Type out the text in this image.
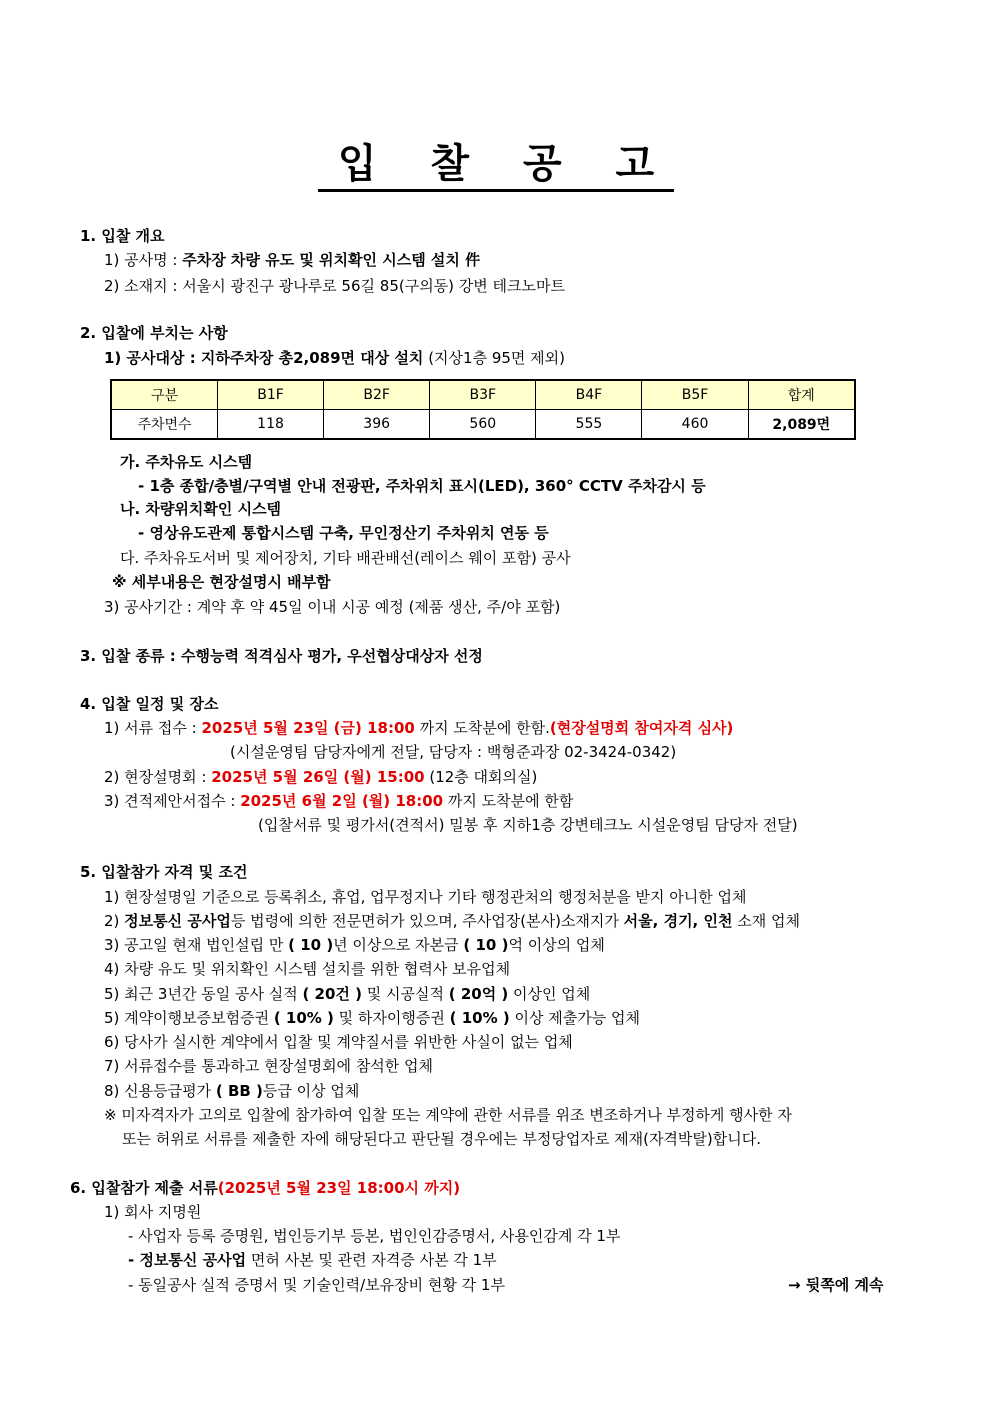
입 찰 공 고
1. 입찰 개요
1) 공사명 : 주차장 차량 유도 및 위치확인 시스템 설치 件
2) 소재지 : 서울시 광진구 광나루로 56길 85(구의동) 강변 테크노마트
2. 입찰에 부치는 사항
1) 공사대상 : 지하주차장 총2,089면 대상 설치 (지상1층 95면 제외)
구분	B1F	B2F	B3F	B4F	B5F	합계
주차면수	118	396	560	555	460	2,089면
가. 주차유도 시스템
- 1층 종합/층별/구역별 안내 전광판, 주차위치 표시(LED), 360° CCTV 주차감시 등
나. 차량위치확인 시스템
- 영상유도관제 통합시스템 구축, 무인정산기 주차위치 연동 등
다. 주차유도서버 및 제어장치, 기타 배관배선(레이스 웨이 포함) 공사
※ 세부내용은 현장설명시 배부함
3) 공사기간 : 계약 후 약 45일 이내 시공 예정 (제품 생산, 주/야 포함)
3. 입찰 종류 : 수행능력 적격심사 평가, 우선협상대상자 선정
4. 입찰 일정 및 장소
1) 서류 접수 : 2025년 5월 23일 (금) 18:00 까지 도착분에 한함.(현장설명회 참여자격 심사)
(시설운영팀 담당자에게 전달, 담당자 : 백형준과장 02-3424-0342)
2) 현장설명회 : 2025년 5월 26일 (월) 15:00 (12층 대회의실)
3) 견적제안서접수 : 2025년 6월 2일 (월) 18:00 까지 도착분에 한함
(입찰서류 및 평가서(견적서) 밀봉 후 지하1층 강변테크노 시설운영팀 담당자 전달)
5. 입찰참가 자격 및 조건
1) 현장설명일 기준으로 등록취소, 휴업, 업무정지나 기타 행정관처의 행정처분을 받지 아니한 업체
2) 정보통신 공사업등 법령에 의한 전문면허가 있으며, 주사업장(본사)소재지가 서울, 경기, 인천 소재 업체
3) 공고일 현재 법인설립 만 ( 10 )년 이상으로 자본금 ( 10 )억 이상의 업체
4) 차량 유도 및 위치확인 시스템 설치를 위한 협력사 보유업체
5) 최근 3년간 동일 공사 실적 ( 20건 ) 및 시공실적 ( 20억 ) 이상인 업체
5) 계약이행보증보험증권 ( 10% ) 및 하자이행증권 ( 10% ) 이상 제출가능 업체
6) 당사가 실시한 계약에서 입찰 및 계약질서를 위반한 사실이 없는 업체
7) 서류접수를 통과하고 현장설명회에 참석한 업체
8) 신용등급평가 ( BB )등급 이상 업체
※ 미자격자가 고의로 입찰에 참가하여 입찰 또는 계약에 관한 서류를 위조 변조하거나 부정하게 행사한 자
또는 허위로 서류를 제출한 자에 해당된다고 판단될 경우에는 부정당업자로 제재(자격박탈)합니다.
6. 입찰참가 제출 서류(2025년 5월 23일 18:00시 까지)
1) 회사 지명원
- 사업자 등록 증명원, 법인등기부 등본, 법인인감증명서, 사용인감계 각 1부
- 정보통신 공사업 면허 사본 및 관련 자격증 사본 각 1부
- 동일공사 실적 증명서 및 기술인력/보유장비 현황 각 1부	→ 뒷쪽에 계속
